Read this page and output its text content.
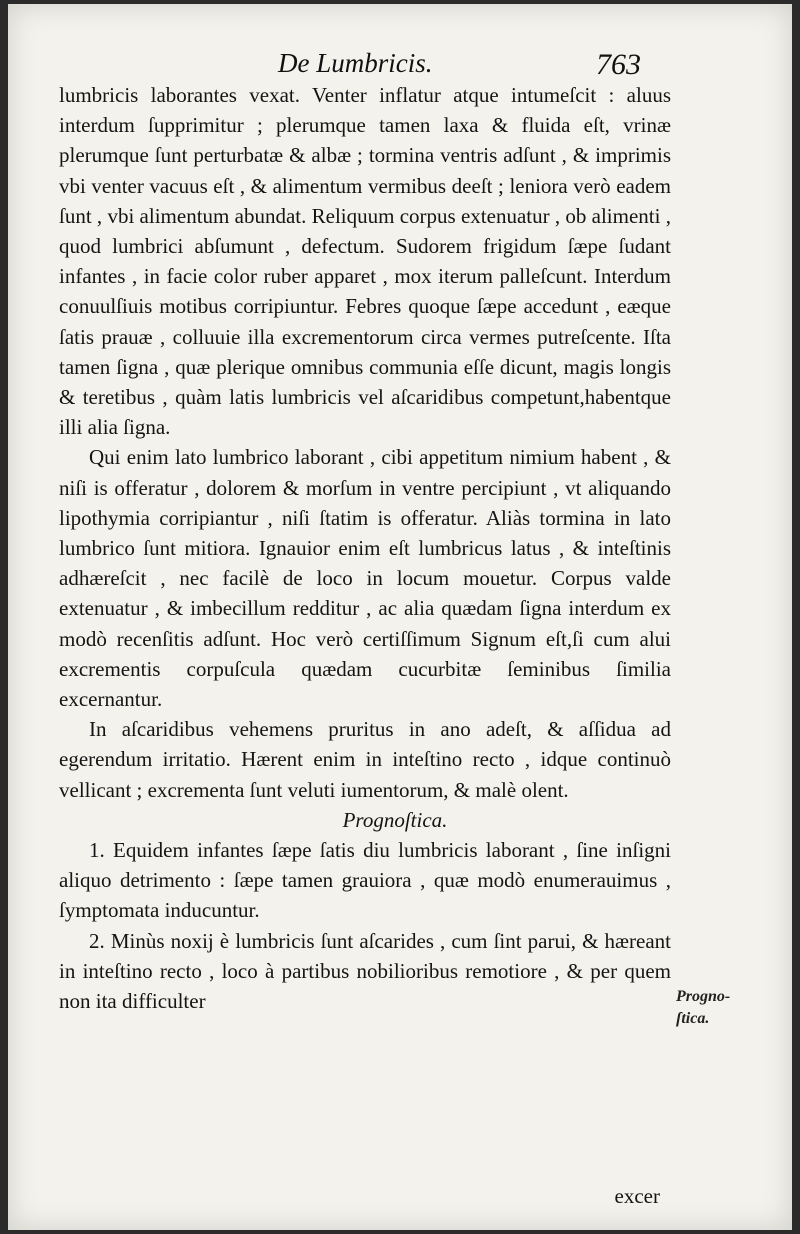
De Lumbricis.	763

lumbricis laborantes vexat. Venter inflatur atque intumeſcit : aluus interdum ſupprimitur ; plerumque tamen laxa & fluida eſt, vrinæ plerumque ſunt perturbatæ & albæ ; tormina ventris adſunt , & imprimis vbi venter vacuus eſt , & alimentum vermibus deeſt ; leniora verò eadem ſunt , vbi alimentum abundat. Reliquum corpus extenuatur , ob alimenti , quod lumbrici abſumunt , defectum. Sudorem frigidum ſæpe ſudant infantes , in facie color ruber apparet , mox iterum palleſcunt. Interdum conuulſiuis motibus corripiuntur. Febres quoque ſæpe accedunt , eæque ſatis prauæ , colluuie illa excrementorum circa vermes putreſcente. Iſta tamen ſigna , quæ plerique omnibus communia eſſe dicunt, magis longis & teretibus , quàm latis lumbricis vel aſcaridibus competunt,habentque illi alia ſigna.

Qui enim lato lumbrico laborant , cibi appetitum nimium habent , & niſi is offeratur , dolorem & morſum in ventre percipiunt , vt aliquando lipothymia corripiantur , niſi ſtatim is offeratur. Aliàs tormina in lato lumbrico ſunt mitiora. Ignauior enim eſt lumbricus latus , & inteſtinis adhæreſcit , nec facilè de loco in locum mouetur. Corpus valde extenuatur , & imbecillum redditur , ac alia quædam ſigna interdum ex modò recenſitis adſunt. Hoc verò certiſſimum Signum eſt,ſi cum alui excrementis corpuſcula quædam cucurbitæ ſeminibus ſimilia excernantur.

In aſcaridibus vehemens pruritus in ano adeſt, & aſſidua ad egerendum irritatio. Hærent enim in inteſtino recto , idque continuò vellicant ; excrementa ſunt veluti iumentorum, & malè olent.

Prognoſtica.

1. Equidem infantes ſæpe ſatis diu lumbricis laborant , ſine inſigni aliquo detrimento : ſæpe tamen grauiora , quæ modò enumerauimus , ſymptomata inducuntur.

2. Minùs noxij è lumbricis ſunt aſcarides , cum ſint parui, & hæreant in inteſtino recto , loco à partibus nobilioribus remotiore , & per quem non ita difficulter	Progno-
ſtica.
excer
